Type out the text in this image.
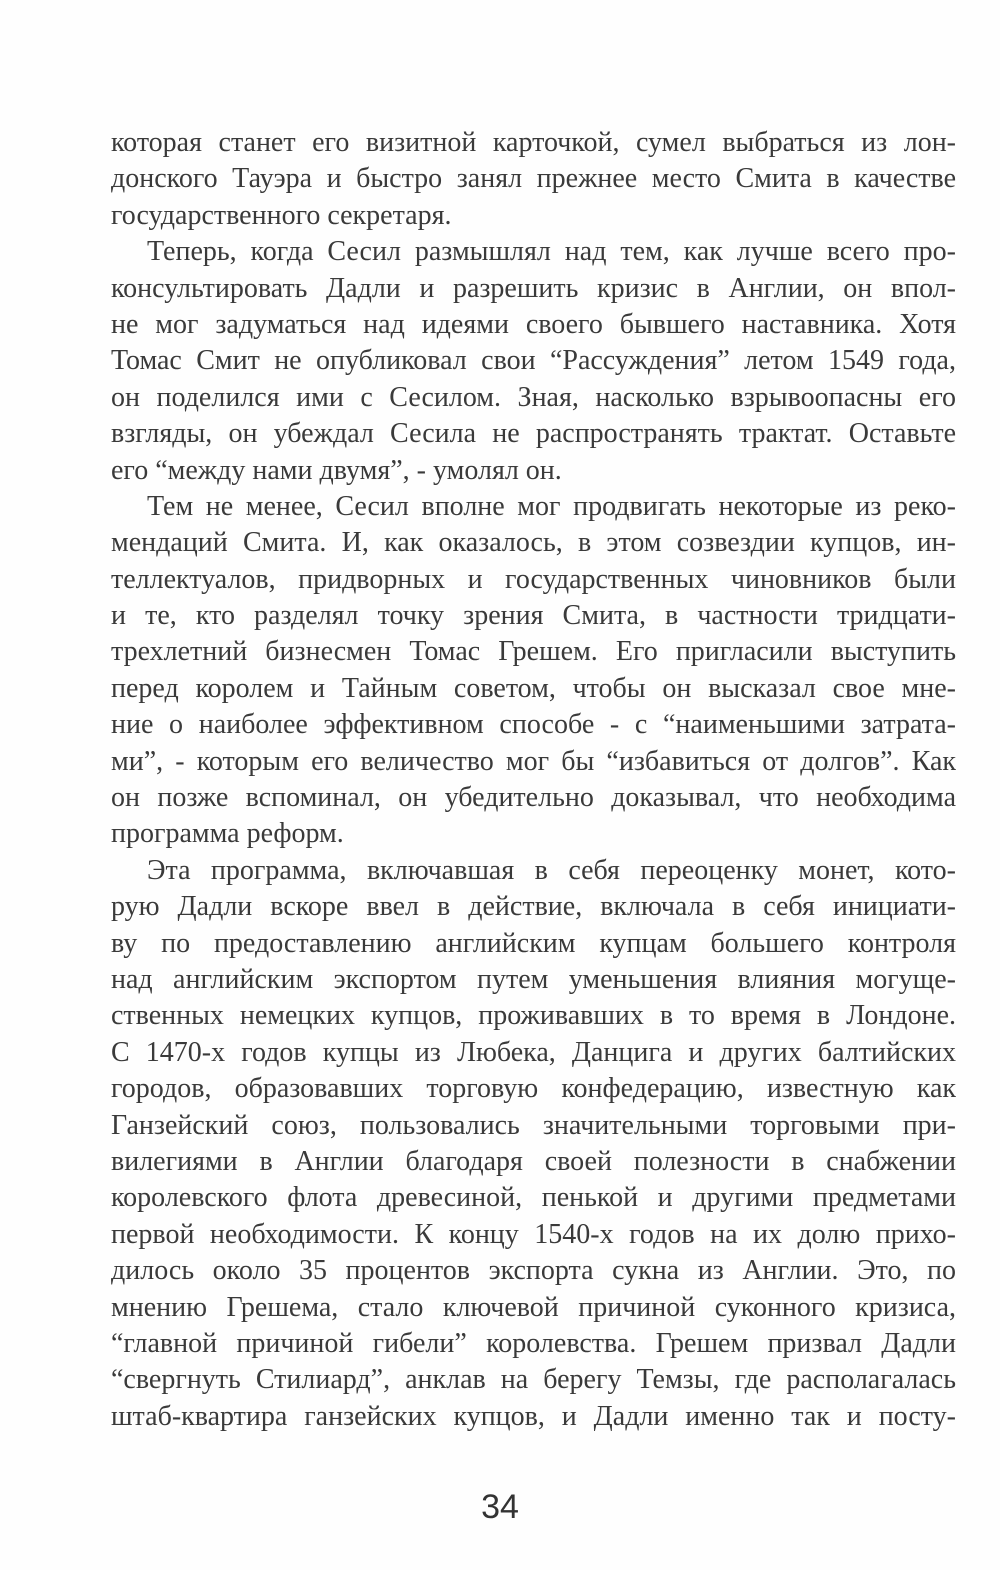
которая станет его визитной карточкой, сумел выбраться из лон-
донского Тауэра и быстро занял прежнее место Смита в качестве
государственного секретаря.
Теперь, когда Сесил размышлял над тем, как лучше всего про-
консультировать Дадли и разрешить кризис в Англии, он впол-
не мог задуматься над идеями своего бывшего наставника. Хотя
Томас Смит не опубликовал свои “Рассуждения” летом 1549 года,
он поделился ими с Сесилом. Зная, насколько взрывоопасны его
взгляды, он убеждал Сесила не распространять трактат. Оставьте
его “между нами двумя”, - умолял он.
Тем не менее, Сесил вполне мог продвигать некоторые из реко-
мендаций Смита. И, как оказалось, в этом созвездии купцов, ин-
теллектуалов, придворных и государственных чиновников были
и те, кто разделял точку зрения Смита, в частности тридцати-
трехлетний бизнесмен Томас Грешем. Его пригласили выступить
перед королем и Тайным советом, чтобы он высказал свое мне-
ние о наиболее эффективном способе - с “наименьшими затрата-
ми”, - которым его величество мог бы “избавиться от долгов”. Как
он позже вспоминал, он убедительно доказывал, что необходима
программа реформ.
Эта программа, включавшая в себя переоценку монет, кото-
рую Дадли вскоре ввел в действие, включала в себя инициати-
ву по предоставлению английским купцам большего контроля
над английским экспортом путем уменьшения влияния могуще-
ственных немецких купцов, проживавших в то время в Лондоне.
С 1470-х годов купцы из Любека, Данцига и других балтийских
городов, образовавших торговую конфедерацию, известную как
Ганзейский союз, пользовались значительными торговыми при-
вилегиями в Англии благодаря своей полезности в снабжении
королевского флота древесиной, пенькой и другими предметами
первой необходимости. К концу 1540-х годов на их долю прихо-
дилось около 35 процентов экспорта сукна из Англии. Это, по
мнению Грешема, стало ключевой причиной суконного кризиса,
“главной причиной гибели” королевства. Грешем призвал Дадли
“свергнуть Стилиард”, анклав на берегу Темзы, где располагалась
штаб-квартира ганзейских купцов, и Дадли именно так и посту-
34
